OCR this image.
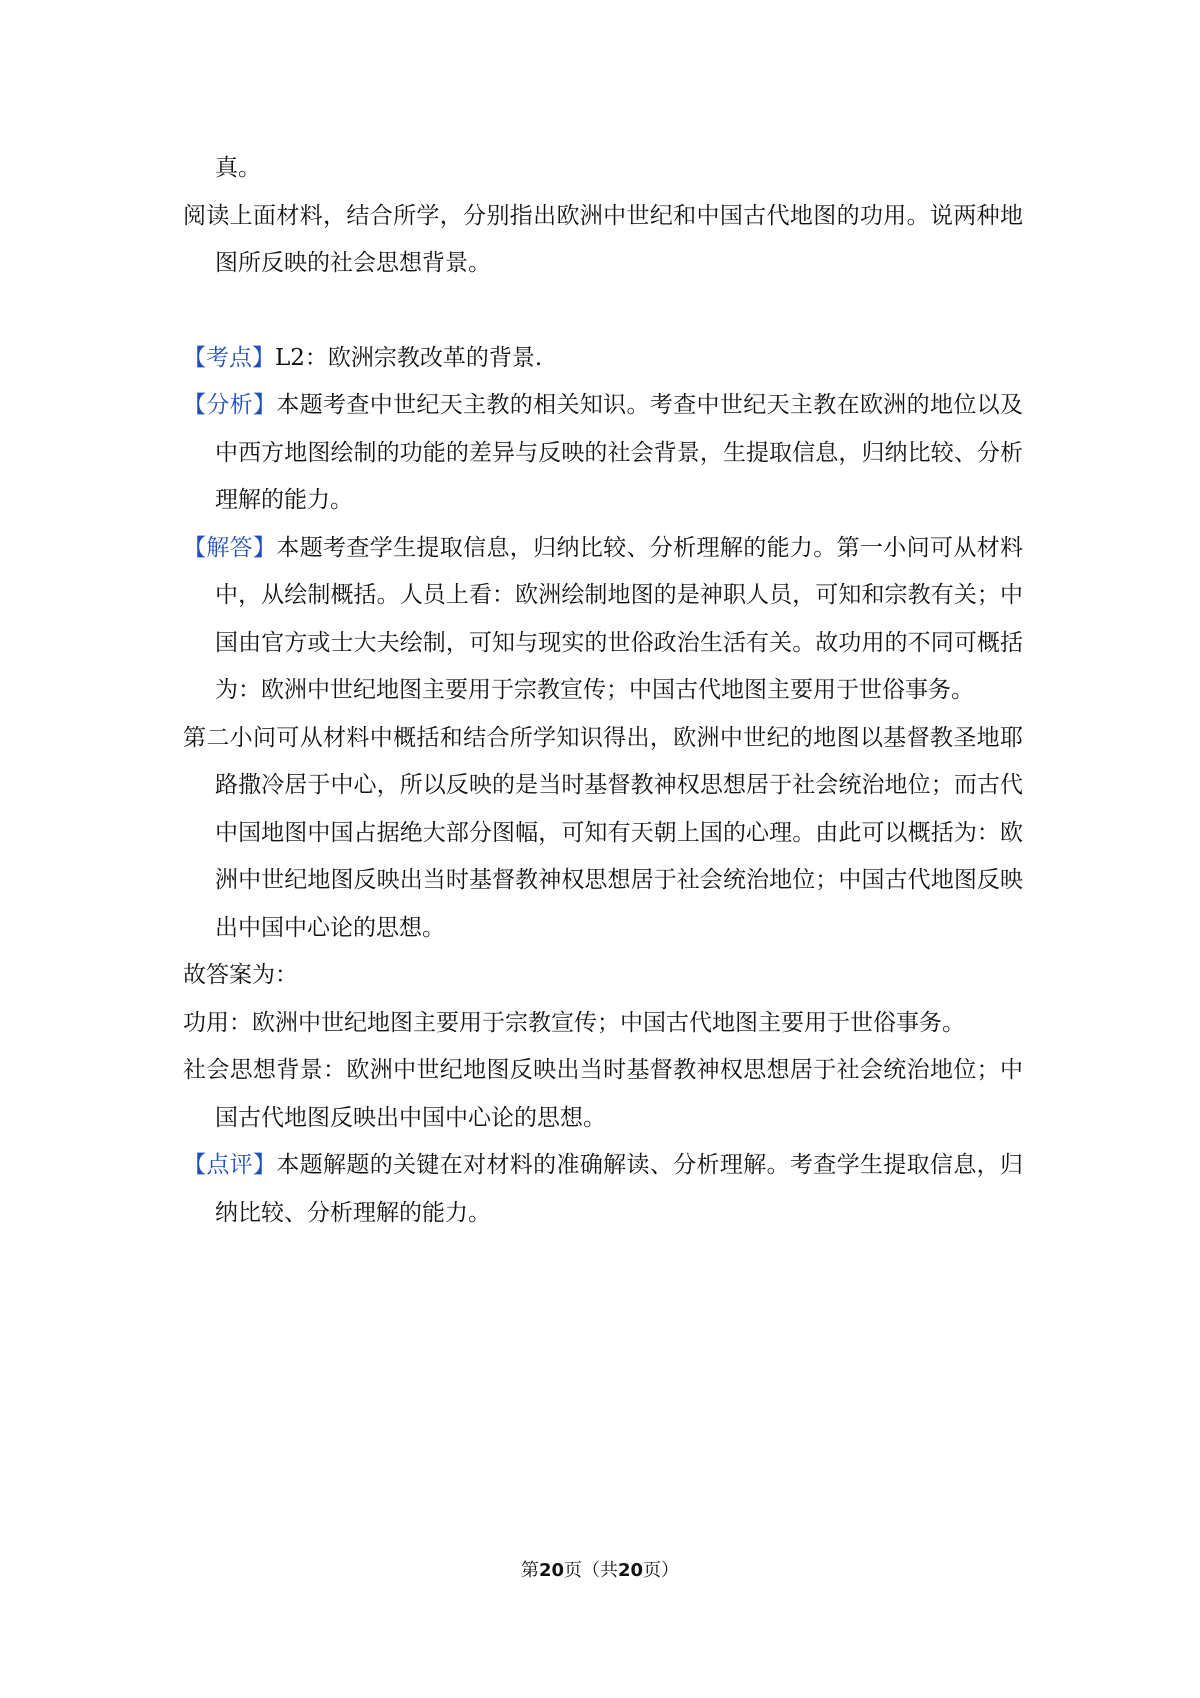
真。

阅读上面材料，结合所学，分别指出欧洲中世纪和中国古代地图的功用。说两种地图所反映的社会思想背景。

【考点】L2：欧洲宗教改革的背景.

【分析】本题考查中世纪天主教的相关知识。考查中世纪天主教在欧洲的地位以及中西方地图绘制的功能的差异与反映的社会背景，生提取信息，归纳比较、分析理解的能力。

【解答】本题考查学生提取信息，归纳比较、分析理解的能力。第一小问可从材料中，从绘制概括。人员上看：欧洲绘制地图的是神职人员，可知和宗教有关；中国由官方或士大夫绘制，可知与现实的世俗政治生活有关。故功用的不同可概括为：欧洲中世纪地图主要用于宗教宣传；中国古代地图主要用于世俗事务。

第二小问可从材料中概括和结合所学知识得出，欧洲中世纪的地图以基督教圣地耶路撒冷居于中心，所以反映的是当时基督教神权思想居于社会统治地位；而古代中国地图中国占据绝大部分图幅，可知有天朝上国的心理。由此可以概括为：欧洲中世纪地图反映出当时基督教神权思想居于社会统治地位；中国古代地图反映出中国中心论的思想。

故答案为：

功用：欧洲中世纪地图主要用于宗教宣传；中国古代地图主要用于世俗事务。

社会思想背景：欧洲中世纪地图反映出当时基督教神权思想居于社会统治地位；中国古代地图反映出中国中心论的思想。

【点评】本题解题的关键在对材料的准确解读、分析理解。考查学生提取信息，归纳比较、分析理解的能力。

第20页（共20页）
